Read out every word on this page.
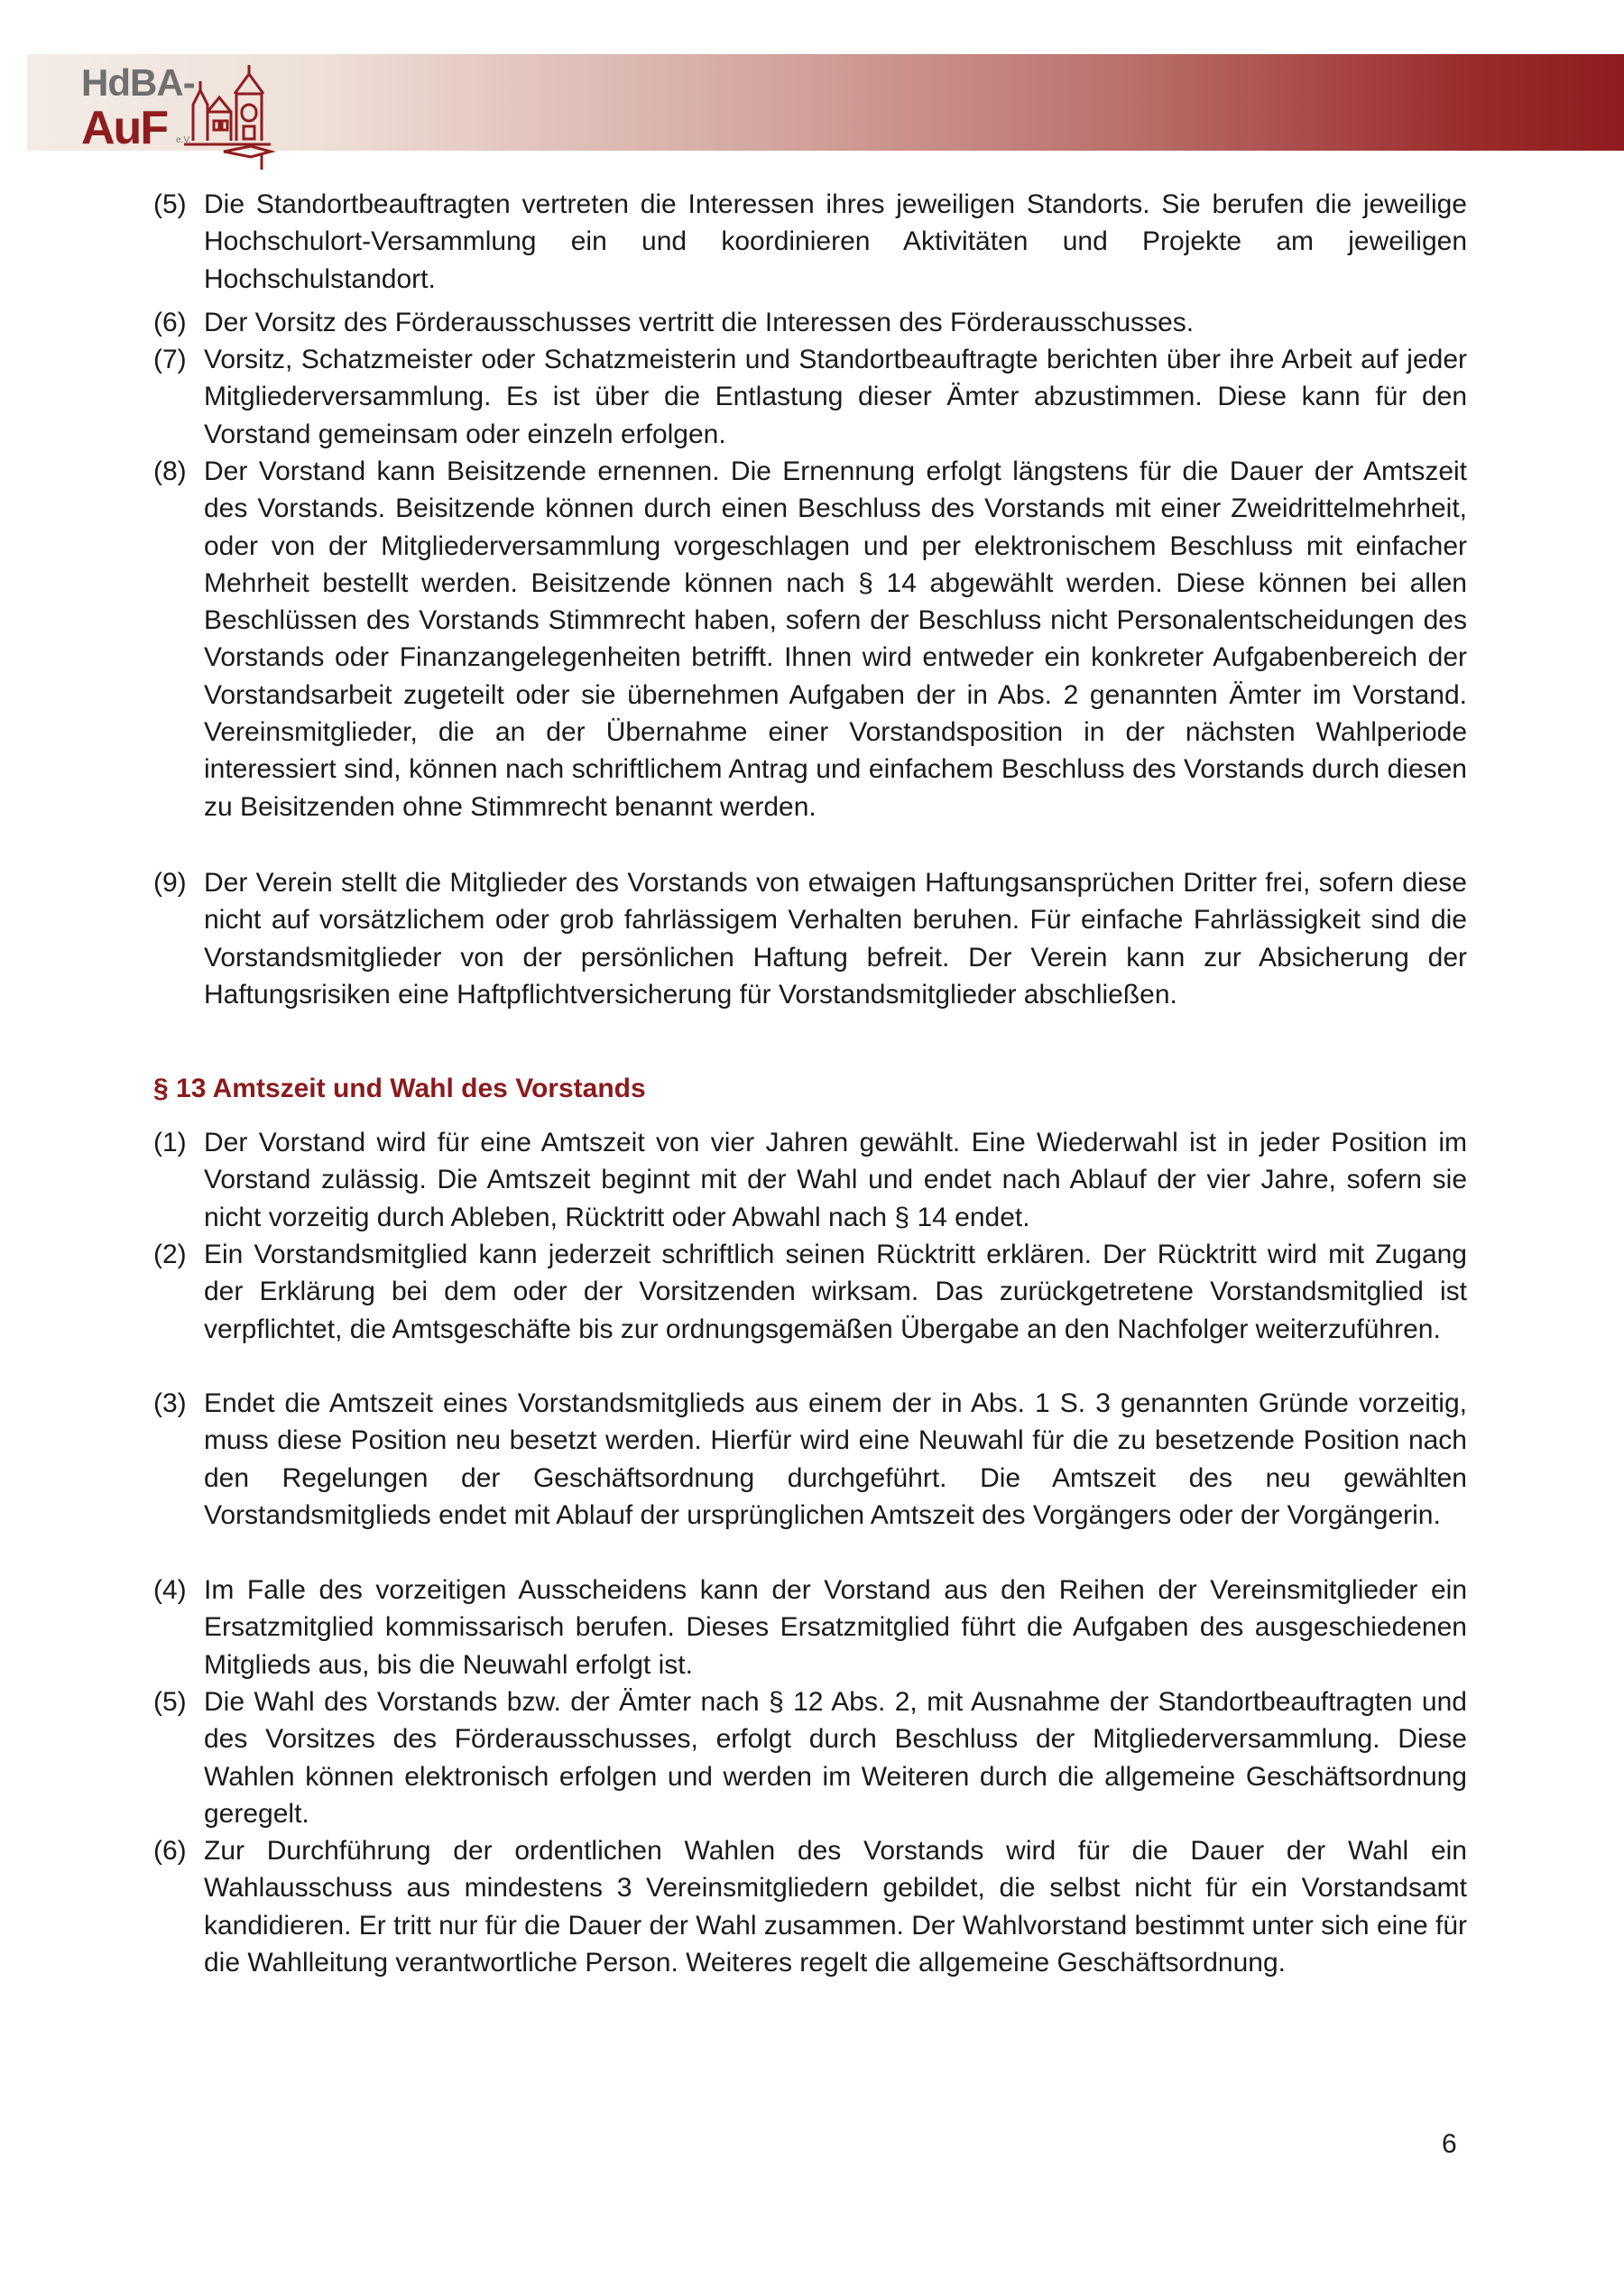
HdBA-
AuF e.V.
(5) Die Standortbeauftragten vertreten die Interessen ihres jeweiligen Standorts. Sie berufen die jeweilige Hochschulort-Versammlung ein und koordinieren Aktivitäten und Projekte am jeweiligen Hochschulstandort.
(6) Der Vorsitz des Förderausschusses vertritt die Interessen des Förderausschusses.
(7) Vorsitz, Schatzmeister oder Schatzmeisterin und Standortbeauftragte berichten über ihre Arbeit auf jeder Mitgliederversammlung. Es ist über die Entlastung dieser Ämter abzustimmen. Diese kann für den Vorstand gemeinsam oder einzeln erfolgen.
(8) Der Vorstand kann Beisitzende ernennen. Die Ernennung erfolgt längstens für die Dauer der Amtszeit des Vorstands. Beisitzende können durch einen Beschluss des Vorstands mit einer Zweidrittelmehrheit, oder von der Mitgliederversammlung vorgeschlagen und per elektronischem Beschluss mit einfacher Mehrheit bestellt werden. Beisitzende können nach § 14 abgewählt werden. Diese können bei allen Beschlüssen des Vorstands Stimmrecht haben, sofern der Beschluss nicht Personalentscheidungen des Vorstands oder Finanzangelegenheiten betrifft. Ihnen wird entweder ein konkreter Aufgabenbereich der Vorstandsarbeit zugeteilt oder sie übernehmen Aufgaben der in Abs. 2 genannten Ämter im Vorstand. Vereinsmitglieder, die an der Übernahme einer Vorstandsposition in der nächsten Wahlperiode interessiert sind, können nach schriftlichem Antrag und einfachem Beschluss des Vorstands durch diesen zu Beisitzenden ohne Stimmrecht benannt werden.
(9) Der Verein stellt die Mitglieder des Vorstands von etwaigen Haftungsansprüchen Dritter frei, sofern diese nicht auf vorsätzlichem oder grob fahrlässigem Verhalten beruhen. Für einfache Fahrlässigkeit sind die Vorstandsmitglieder von der persönlichen Haftung befreit. Der Verein kann zur Absicherung der Haftungsrisiken eine Haftpflichtversicherung für Vorstandsmitglieder abschließen.
§ 13 Amtszeit und Wahl des Vorstands
(1) Der Vorstand wird für eine Amtszeit von vier Jahren gewählt. Eine Wiederwahl ist in jeder Position im Vorstand zulässig. Die Amtszeit beginnt mit der Wahl und endet nach Ablauf der vier Jahre, sofern sie nicht vorzeitig durch Ableben, Rücktritt oder Abwahl nach § 14 endet.
(2) Ein Vorstandsmitglied kann jederzeit schriftlich seinen Rücktritt erklären. Der Rücktritt wird mit Zugang der Erklärung bei dem oder der Vorsitzenden wirksam. Das zurückgetretene Vorstandsmitglied ist verpflichtet, die Amtsgeschäfte bis zur ordnungsgemäßen Übergabe an den Nachfolger weiterzuführen.
(3) Endet die Amtszeit eines Vorstandsmitglieds aus einem der in Abs. 1 S. 3 genannten Gründe vorzeitig, muss diese Position neu besetzt werden. Hierfür wird eine Neuwahl für die zu besetzende Position nach den Regelungen der Geschäftsordnung durchgeführt. Die Amtszeit des neu gewählten Vorstandsmitglieds endet mit Ablauf der ursprünglichen Amtszeit des Vorgängers oder der Vorgängerin.
(4) Im Falle des vorzeitigen Ausscheidens kann der Vorstand aus den Reihen der Vereinsmitglieder ein Ersatzmitglied kommissarisch berufen. Dieses Ersatzmitglied führt die Aufgaben des ausgeschiedenen Mitglieds aus, bis die Neuwahl erfolgt ist.
(5) Die Wahl des Vorstands bzw. der Ämter nach § 12 Abs. 2, mit Ausnahme der Standortbeauftragten und des Vorsitzes des Förderausschusses, erfolgt durch Beschluss der Mitgliederversammlung. Diese Wahlen können elektronisch erfolgen und werden im Weiteren durch die allgemeine Geschäftsordnung geregelt.
(6) Zur Durchführung der ordentlichen Wahlen des Vorstands wird für die Dauer der Wahl ein Wahlausschuss aus mindestens 3 Vereinsmitgliedern gebildet, die selbst nicht für ein Vorstandsamt kandidieren. Er tritt nur für die Dauer der Wahl zusammen. Der Wahlvorstand bestimmt unter sich eine für die Wahlleitung verantwortliche Person. Weiteres regelt die allgemeine Geschäftsordnung.
6
